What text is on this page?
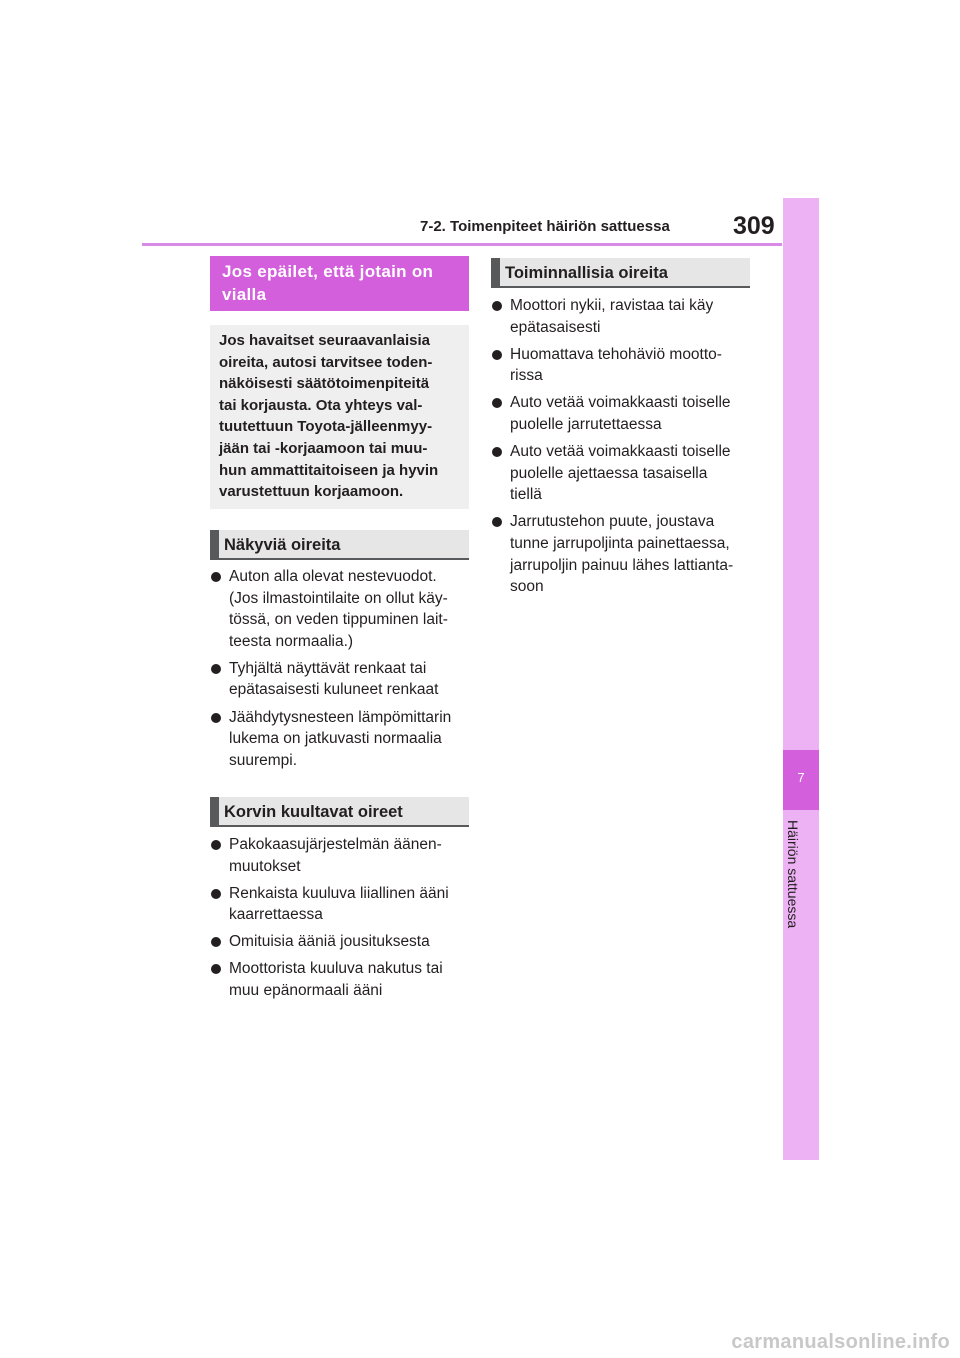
7-2. Toimenpiteet häiriön sattuessa	309
7
Häiriön sattuessa
Jos epäilet, että jotain on vialla
Jos havaitset seuraavanlaisia
oireita, autosi tarvitsee toden-
näköisesti säätötoimenpiteitä
tai korjausta. Ota yhteys val-
tuutettuun Toyota-jälleenmyy-
jään tai -korjaamoon tai muu-
hun ammattitaitoiseen ja hyvin
varustettuun korjaamoon.
Näkyviä oireita
Auton alla olevat nestevuodot.
(Jos ilmastointilaite on ollut käy-
tössä, on veden tippuminen lait-
teesta normaalia.)
Tyhjältä näyttävät renkaat tai
epätasaisesti kuluneet renkaat
Jäähdytysnesteen lämpömittarin
lukema on jatkuvasti normaalia
suurempi.
Korvin kuultavat oireet
Pakokaasujärjestelmän äänen-
muutokset
Renkaista kuuluva liiallinen ääni
kaarrettaessa
Omituisia ääniä jousituksesta
Moottorista kuuluva nakutus tai
muu epänormaali ääni
Toiminnallisia oireita
Moottori nykii, ravistaa tai käy
epätasaisesti
Huomattava tehohäviö mootto-
rissa
Auto vetää voimakkaasti toiselle
puolelle jarrutettaessa
Auto vetää voimakkaasti toiselle
puolelle ajettaessa tasaisella
tiellä
Jarrutustehon puute, joustava
tunne jarrupoljinta painettaessa,
jarrupoljin painuu lähes lattianta-
soon
carmanualsonline.info
